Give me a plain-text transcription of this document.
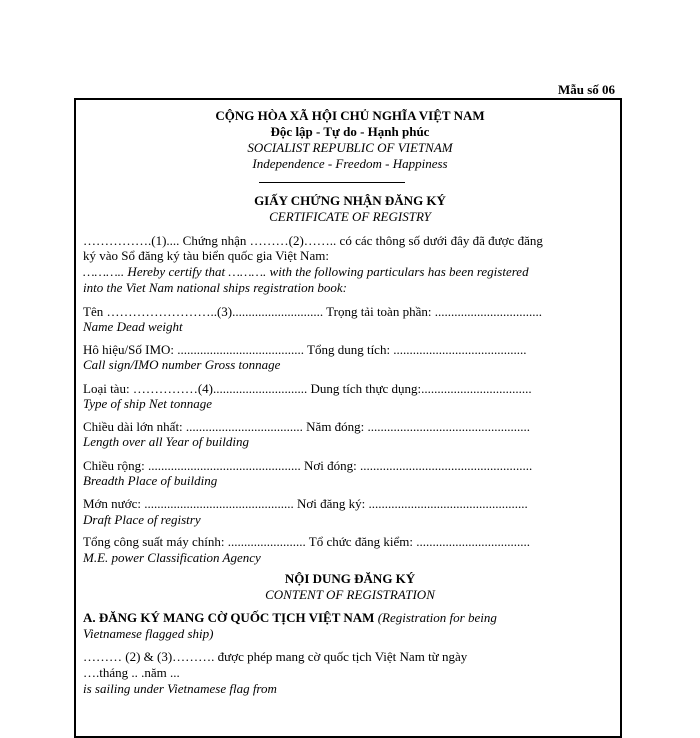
Mẫu số 06
CỘNG HÒA XÃ HỘI CHỦ NGHĨA VIỆT NAM
Độc lập - Tự do - Hạnh phúc
SOCIALIST REPUBLIC OF VIETNAM
Independence - Freedom - Happiness
GIẤY CHỨNG NHẬN ĐĂNG KÝ
CERTIFICATE OF REGISTRY
…………….(1).... Chứng nhận ………(2)…….. có các thông số dưới đây đã được đăng
ký vào Sổ đăng ký tàu biển quốc gia Việt Nam:
……….. Hereby certify that ………. with the following particulars has been registered
into the Viet Nam national ships registration book:
Tên ……………………..(3)............................ Trọng tải toàn phần: .................................
Name Dead weight
Hô hiệu/Số IMO: ....................................... Tổng dung tích: .........................................
Call sign/IMO number Gross tonnage
Loại tàu: ……………(4)............................. Dung tích thực dụng:..................................
Type of ship Net tonnage
Chiều dài lớn nhất: .................................... Năm đóng: ..................................................
Length over all Year of building
Chiều rộng: ............................................... Nơi đóng: .....................................................
Breadth Place of building
Mớn nước: .............................................. Nơi đăng ký: .................................................
Draft Place of registry
Tổng công suất máy chính: ........................ Tổ chức đăng kiểm: ...................................
M.E. power Classification Agency
NỘI DUNG ĐĂNG KÝ
CONTENT OF REGISTRATION
A. ĐĂNG KÝ MANG CỜ QUỐC TỊCH VIỆT NAM (Registration for being
Vietnamese flagged ship)
……… (2) & (3)………. được phép mang cờ quốc tịch Việt Nam từ ngày
….tháng .. .năm ...
is sailing under Vietnamese flag from
